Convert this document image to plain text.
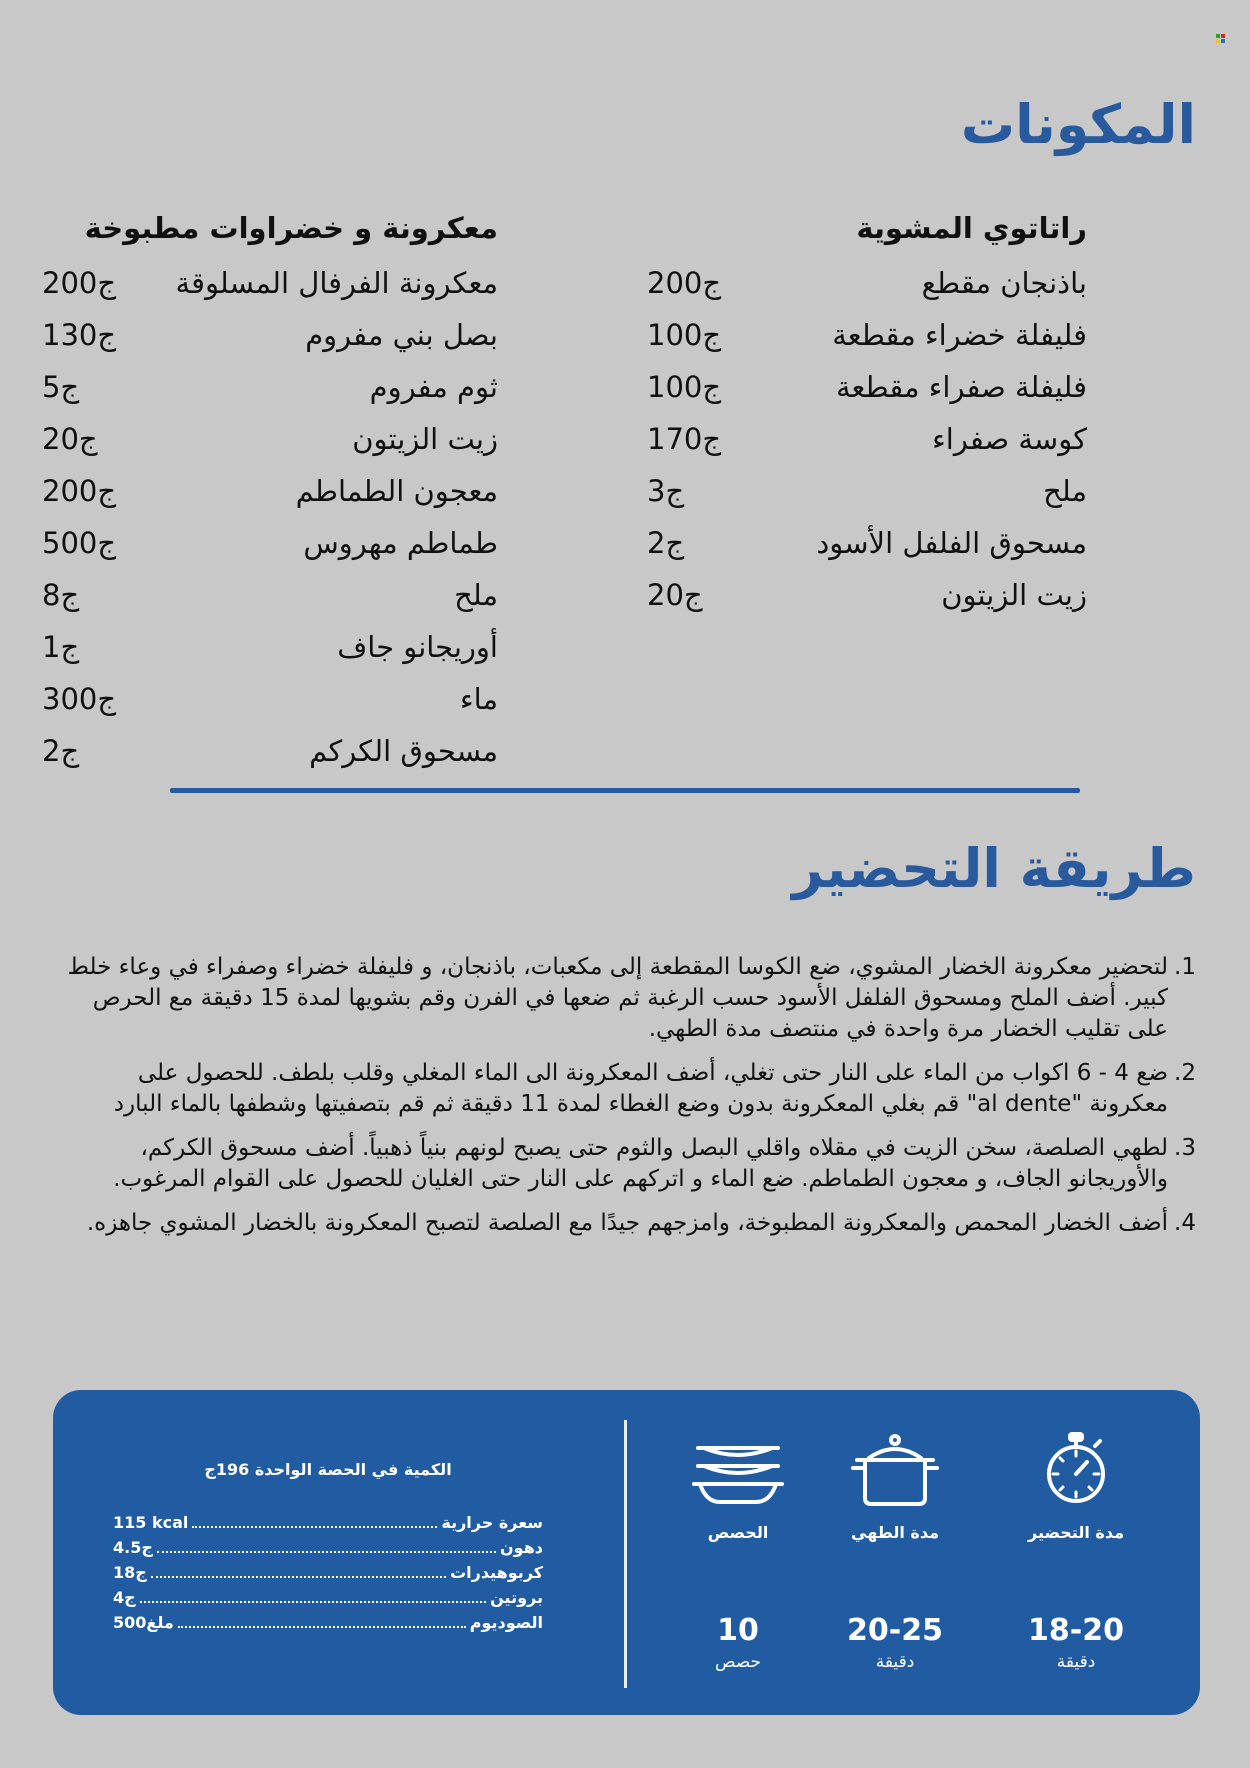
المكونات
راتاتوي المشوية
باذنجان مقطع
200ج
فليفلة خضراء مقطعة
100ج
فليفلة صفراء مقطعة
100ج
كوسة صفراء
170ج
ملح
3ج
مسحوق الفلفل الأسود
2ج
زيت الزيتون
20ج
معكرونة و خضراوات مطبوخة
معكرونة الفرفال المسلوقة
200ج
بصل بني مفروم
130ج
ثوم مفروم
5ج
زيت الزيتون
20ج
معجون الطماطم
200ج
طماطم مهروس
500ج
ملح
8ج
أوريجانو جاف
1ج
ماء
300ج
مسحوق الكركم
2ج
طريقة التحضير
1.
لتحضير معكرونة الخضار المشوي، ضع الكوسا المقطعة إلى مكعبات، باذنجان، و فليفلة خضراء وصفراء في وعاء خلط كبير. أضف الملح ومسحوق الفلفل الأسود حسب الرغبة ثم ضعها في الفرن وقم بشويها لمدة 15 دقيقة مع الحرص على تقليب الخضار مرة واحدة في منتصف مدة الطهي.
2.
ضع 4 - 6 اكواب من الماء على النار حتى تغلي، أضف المعكرونة الى الماء المغلي وقلب بلطف. للحصول على معكرونة "al dente" قم بغلي المعكرونة بدون وضع الغطاء لمدة 11 دقيقة ثم قم بتصفيتها وشطفها بالماء البارد
3.
لطهي الصلصة، سخن الزيت في مقلاه واقلي البصل والثوم حتى يصبح لونهم بنياً ذهبياً. أضف مسحوق الكركم، والأوريجانو الجاف، و معجون الطماطم. ضع الماء و اتركهم على النار حتى الغليان للحصول على القوام المرغوب.
4.
أضف الخضار المحمص والمعكرونة المطبوخة، وامزجهم جيدًا مع الصلصة لتصبح المعكرونة بالخضار المشوي جاهزه.
مدة التحضير
18-20
دقيقة
مدة الطهي
20-25
دقيقة
الحصص
10
حصص
الكمية في الحصة الواحدة 196ج
سعرة حرارية
115 kcal
دهون
4.5ج
كربوهيدرات
18ج
بروتين
4ج
الصوديوم
500ملغ
